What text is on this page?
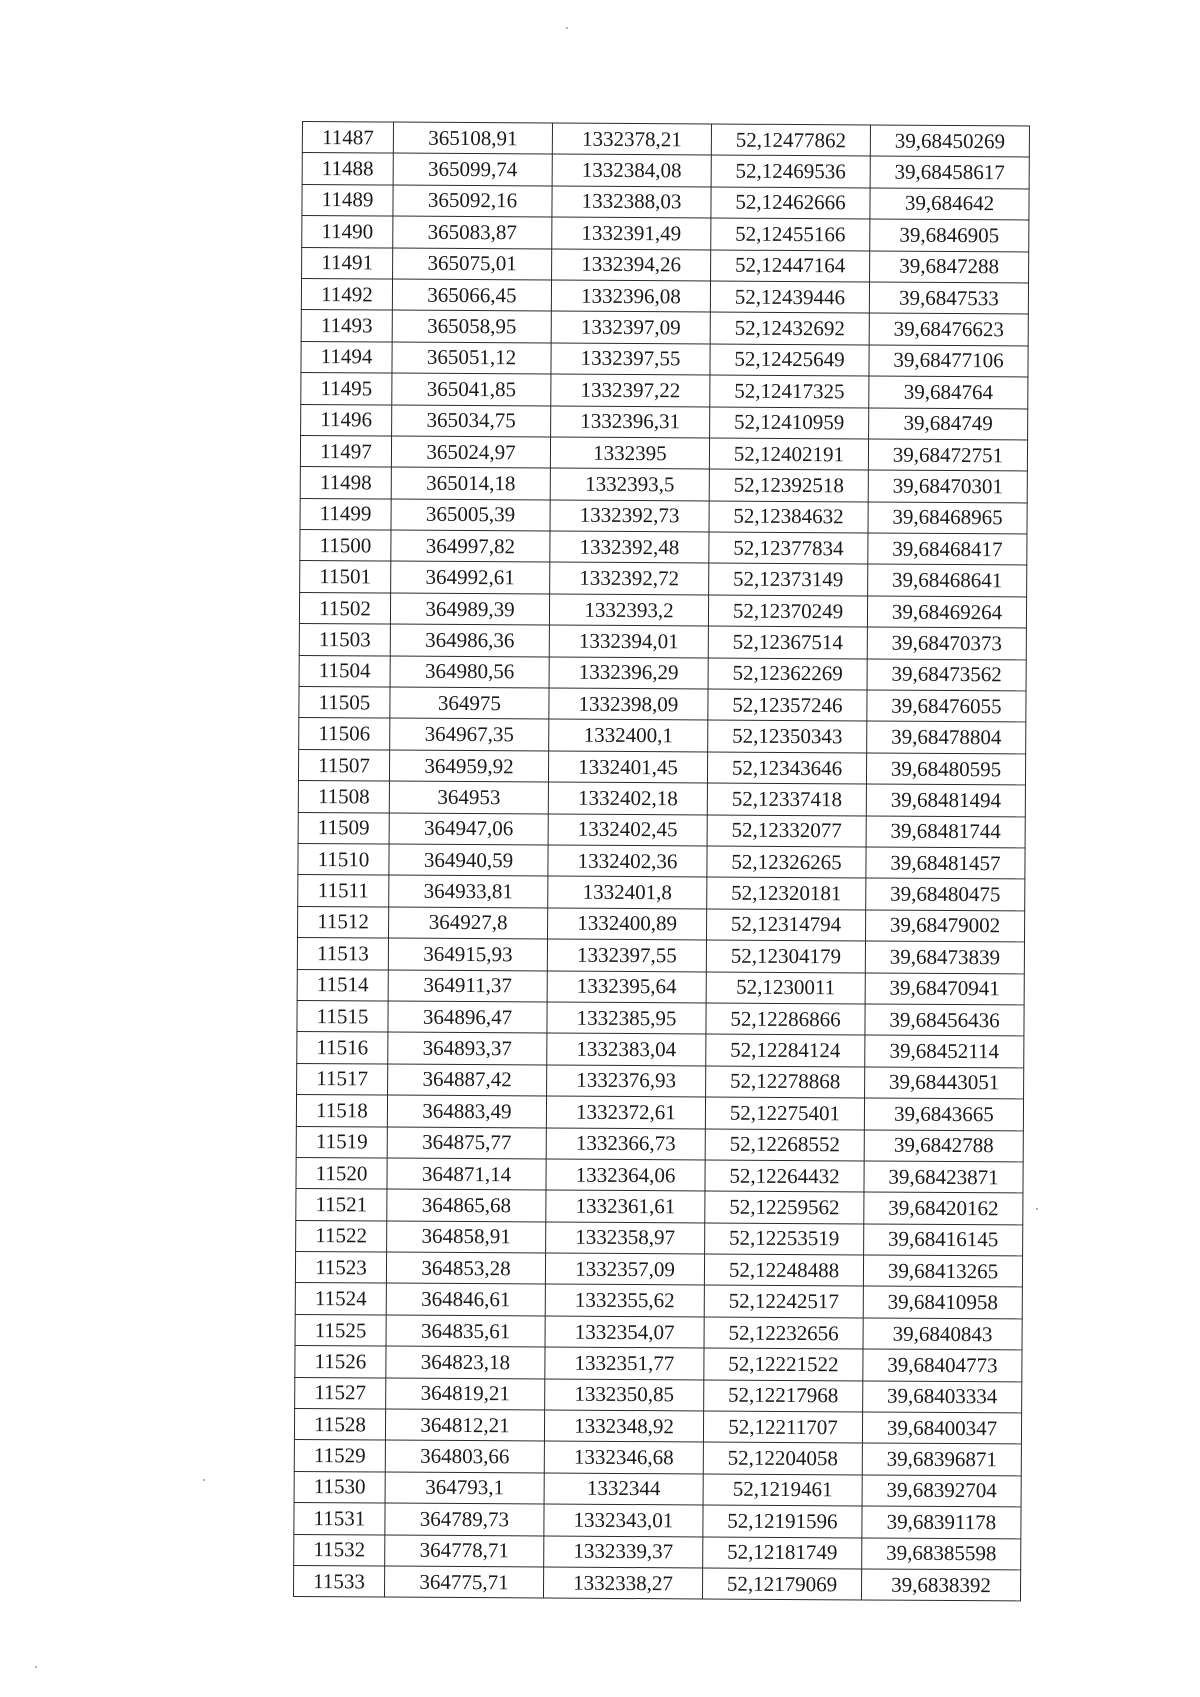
11487	365108,91	1332378,21	52,12477862	39,68450269
11488	365099,74	1332384,08	52,12469536	39,68458617
11489	365092,16	1332388,03	52,12462666	39,684642
11490	365083,87	1332391,49	52,12455166	39,6846905
11491	365075,01	1332394,26	52,12447164	39,6847288
11492	365066,45	1332396,08	52,12439446	39,6847533
11493	365058,95	1332397,09	52,12432692	39,68476623
11494	365051,12	1332397,55	52,12425649	39,68477106
11495	365041,85	1332397,22	52,12417325	39,684764
11496	365034,75	1332396,31	52,12410959	39,684749
11497	365024,97	1332395	52,12402191	39,68472751
11498	365014,18	1332393,5	52,12392518	39,68470301
11499	365005,39	1332392,73	52,12384632	39,68468965
11500	364997,82	1332392,48	52,12377834	39,68468417
11501	364992,61	1332392,72	52,12373149	39,68468641
11502	364989,39	1332393,2	52,12370249	39,68469264
11503	364986,36	1332394,01	52,12367514	39,68470373
11504	364980,56	1332396,29	52,12362269	39,68473562
11505	364975	1332398,09	52,12357246	39,68476055
11506	364967,35	1332400,1	52,12350343	39,68478804
11507	364959,92	1332401,45	52,12343646	39,68480595
11508	364953	1332402,18	52,12337418	39,68481494
11509	364947,06	1332402,45	52,12332077	39,68481744
11510	364940,59	1332402,36	52,12326265	39,68481457
11511	364933,81	1332401,8	52,12320181	39,68480475
11512	364927,8	1332400,89	52,12314794	39,68479002
11513	364915,93	1332397,55	52,12304179	39,68473839
11514	364911,37	1332395,64	52,1230011	39,68470941
11515	364896,47	1332385,95	52,12286866	39,68456436
11516	364893,37	1332383,04	52,12284124	39,68452114
11517	364887,42	1332376,93	52,12278868	39,68443051
11518	364883,49	1332372,61	52,12275401	39,6843665
11519	364875,77	1332366,73	52,12268552	39,6842788
11520	364871,14	1332364,06	52,12264432	39,68423871
11521	364865,68	1332361,61	52,12259562	39,68420162
11522	364858,91	1332358,97	52,12253519	39,68416145
11523	364853,28	1332357,09	52,12248488	39,68413265
11524	364846,61	1332355,62	52,12242517	39,68410958
11525	364835,61	1332354,07	52,12232656	39,6840843
11526	364823,18	1332351,77	52,12221522	39,68404773
11527	364819,21	1332350,85	52,12217968	39,68403334
11528	364812,21	1332348,92	52,12211707	39,68400347
11529	364803,66	1332346,68	52,12204058	39,68396871
11530	364793,1	1332344	52,1219461	39,68392704
11531	364789,73	1332343,01	52,12191596	39,68391178
11532	364778,71	1332339,37	52,12181749	39,68385598
11533	364775,71	1332338,27	52,12179069	39,6838392
